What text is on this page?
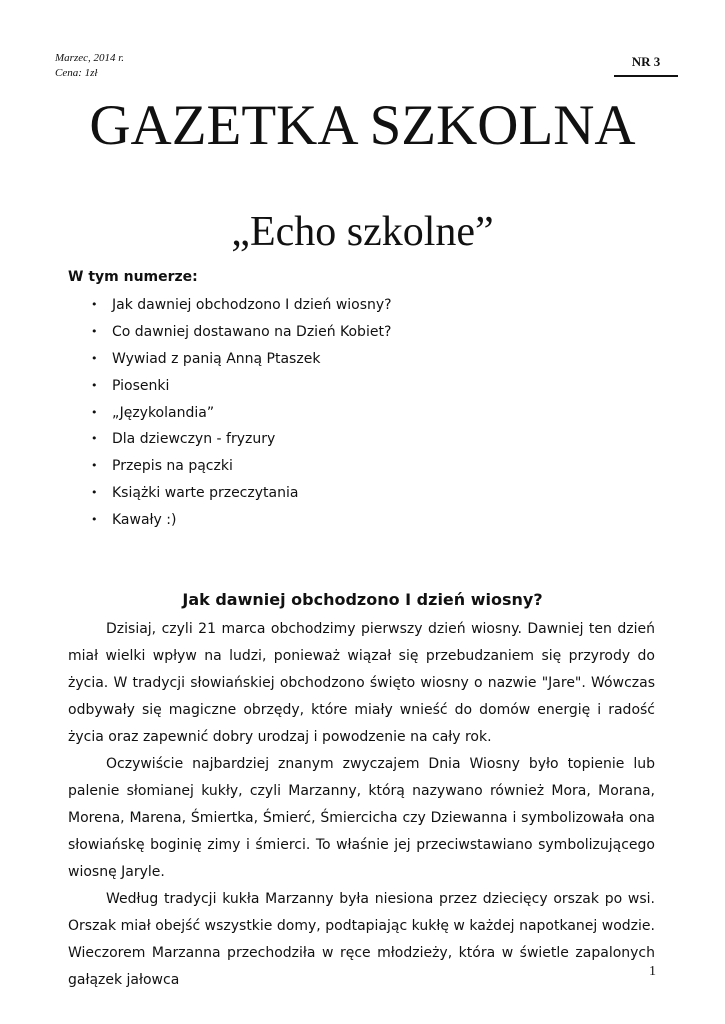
Marzec, 2014 r.
Cena: 1zł
NR 3
GAZETKA SZKOLNA
„Echo szkolne”
W tym numerze:
• Jak dawniej obchodzono I dzień wiosny?
• Co dawniej dostawano na Dzień Kobiet?
• Wywiad z panią Anną Ptaszek
• Piosenki
• „Językolandia”
• Dla dziewczyn - fryzury
• Przepis na pączki
• Książki warte przeczytania
• Kawały :)
Jak dawniej obchodzono I dzień wiosny?

Dzisiaj, czyli 21 marca obchodzimy pierwszy dzień wiosny. Dawniej ten dzień miał wielki wpływ na ludzi, ponieważ wiązał się przebudzaniem się przyrody do życia. W tradycji słowiańskiej obchodzono święto wiosny o nazwie "Jare". Wówczas odbywały się magiczne obrzędy, które miały wnieść do domów energię i radość życia oraz zapewnić dobry urodzaj i powodzenie na cały rok.

Oczywiście najbardziej znanym zwyczajem Dnia Wiosny było topienie lub palenie słomianej kukły, czyli Marzanny, którą nazywano również Mora, Morana, Morena, Marena, Śmiertka, Śmierć, Śmiercicha czy Dziewanna i symbolizowała ona słowiańskę boginię zimy i śmierci. To właśnie jej przeciwstawiano symbolizującego wiosnę Jaryle.

Według tradycji kukła Marzanny była niesiona przez dziecięcy orszak po wsi. Orszak miał obejść wszystkie domy, podtapiając kukłę w każdej napotkanej wodzie. Wieczorem Marzanna przechodziła w ręce młodzieży, która w świetle zapalonych gałązek jałowca

1
